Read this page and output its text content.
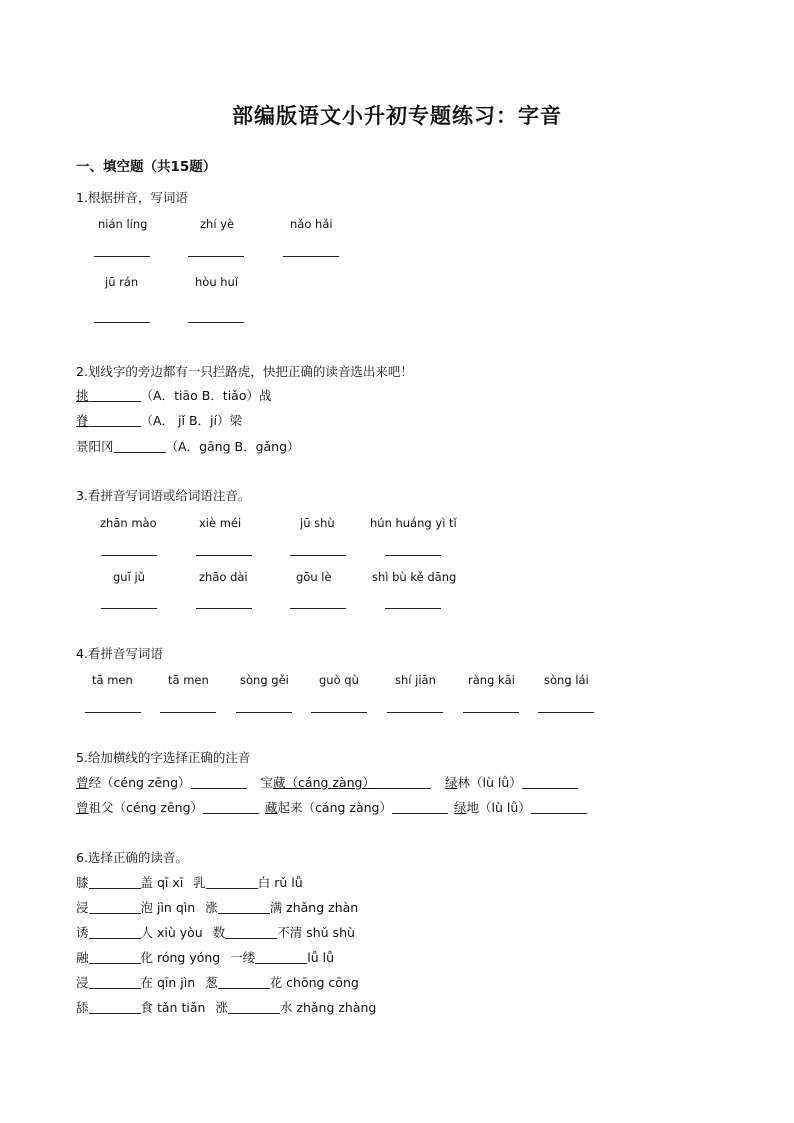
部编版语文小升初专题练习：字音
一、填空题（共15题）
1.根据拼音，写词语
nián líng	zhí yè	nǎo hǎi
jū rán	hòu huǐ
2.划线字的旁边都有一只拦路虎，快把正确的读音选出来吧！
挑	（A．tiāo B．tiǎo）战
脊	（A． jǐ B．jí）梁
景阳冈	（A．gāng B．gǎng）
3.看拼音写词语或给词语注音。
zhān mào	xiè méi	jū shù	hún huáng yì tǐ
guī jǔ	zhāo dài	gōu lè	shì bù kě dāng
4.看拼音写词语
tā men	tā men	sòng gěi	guò qù	shí jiān	ràng kāi	sòng lái
5.给加横线的字选择正确的注音
曾经（céng zēng）	宝藏（cáng zàng）	绿林（lù lǜ）
曾祖父（céng zēng）	藏起来（cáng zàng）	绿地（lù lǜ）
6.选择正确的读音。
膝	盖 qī xī 乳	白 rǔ lǚ
浸	泡 jìn qìn 涨	满 zhǎng zhàn
诱	人 xiù yòu 数	不清 shǔ shù
融	化 róng yóng 一缕	lǚ lǚ
浸	在 qīn jìn 葱	花 chōng cōng
舔	食 tǎn tiǎn 涨	水 zhǎng zhàng
